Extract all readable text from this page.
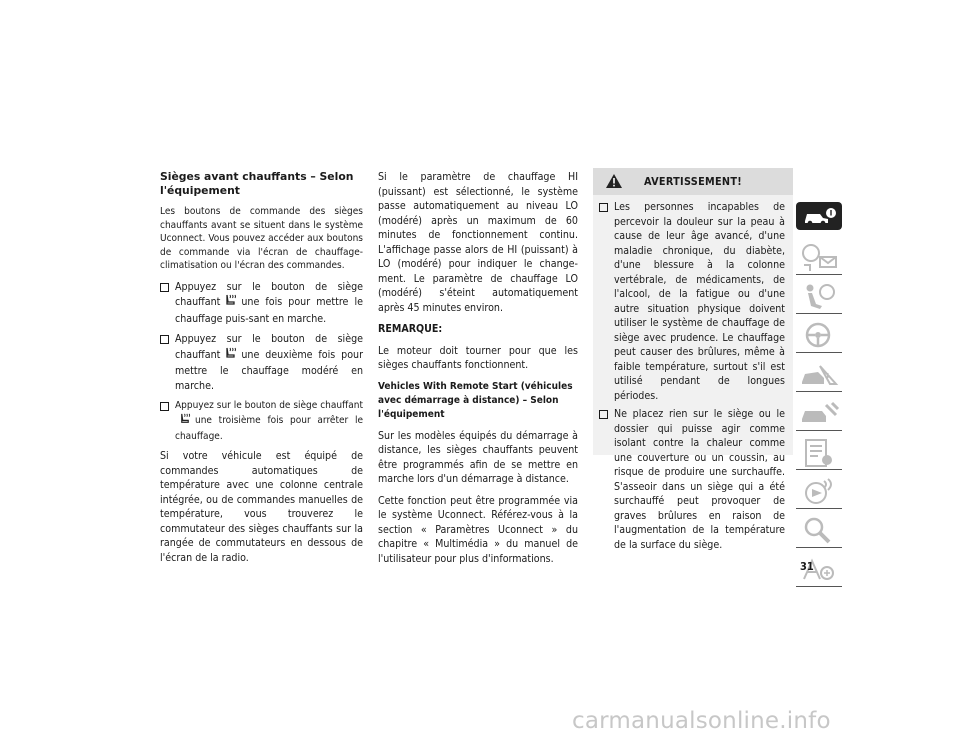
Sièges avant chauffants – Selon l'équipement

Les boutons de commande des sièges chauffants avant se situent dans le système Uconnect. Vous pouvez accéder aux boutons de commande via l'écran de chauffage-climatisation ou l'écran des commandes.

Appuyez sur le bouton de siège chauffant une fois pour mettre le chauffage puis-sant en marche.
Appuyez sur le bouton de siège chauffant une deuxième fois pour mettre le chauffage modéré en marche.
Appuyez sur le bouton de siège chauffantune troisième fois pour arrêter le chauffage.

Si votre véhicule est équipé de commandes automatiques de température avec une colonne centrale intégrée, ou de commandes manuelles de température, vous trouverez le commutateur des sièges chauffants sur la rangée de commutateurs en dessous de l'écran de la radio.

Si le paramètre de chauffage HI (puissant) est sélectionné, le système passe automatiquement au niveau LO (modéré) après un maximum de 60 minutes de fonctionnement continu. L'affichage passe alors de HI (puissant) à LO (modéré) pour indiquer le change-ment. Le paramètre de chauffage LO (modéré) s'éteint automatiquement après 45 minutes environ.

REMARQUE:

Le moteur doit tourner pour que les sièges chauffants fonctionnent.

Vehicles With Remote Start (véhicules avec démarrage à distance) – Selon l'équipement

Sur les modèles équipés du démarrage à distance, les sièges chauffants peuvent être programmés afin de se mettre en marche lors d'un démarrage à distance.

Cette fonction peut être programmée via le système Uconnect. Référez-vous à la section « Paramètres Uconnect » du chapitre « Multimédia » du manuel de l'utilisateur pour plus d'informations.

AVERTISSEMENT!
Les personnes incapables de percevoir la douleur sur la peau à cause de leur âge avancé, d'une maladie chronique, du diabète, d'une blessure à la colonne vertébrale, de médicaments, de l'alcool, de la fatigue ou d'une autre situation physique doivent utiliser le système de chauffage de siège avec prudence. Le chauffage peut causer des brûlures, même à faible température, surtout s'il est utilisé pendant de longues périodes.
Ne placez rien sur le siège ou le dossier qui puisse agir comme isolant contre la chaleur comme une couverture ou un coussin, au risque de produire une surchauffe. S'asseoir dans un siège qui a été surchauffé peut provoquer de graves brûlures en raison de l'augmentation de la température de la surface du siège.
31
carmanualsonline.info
